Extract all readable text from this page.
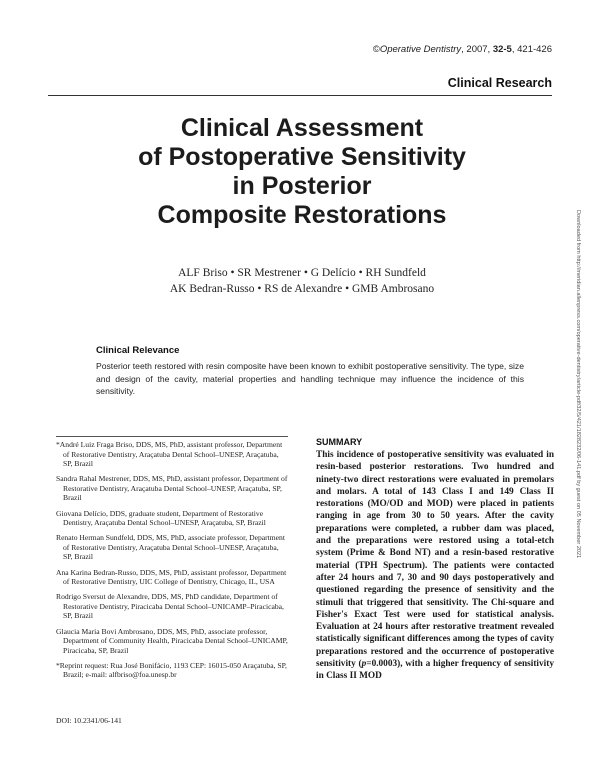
©Operative Dentistry, 2007, 32-5, 421-426
Clinical Research
Clinical Assessment
of Postoperative Sensitivity
in Posterior
Composite Restorations
ALF Briso • SR Mestrener • G Delício • RH Sundfeld
AK Bedran-Russo • RS de Alexandre • GMB Ambrosano
Clinical Relevance
Posterior teeth restored with resin composite have been known to exhibit postoperative sensitivity. The type, size and design of the cavity, material properties and handling technique may influence the incidence of this sensitivity.

*André Luiz Fraga Briso, DDS, MS, PhD, assistant professor, Department of Restorative Dentistry, Araçatuba Dental School–UNESP, Araçatuba, SP, Brazil

Sandra Rahal Mestrener, DDS, MS, PhD, assistant professor, Department of Restorative Dentistry, Araçatuba Dental School–UNESP, Araçatuba, SP, Brazil

Giovana Delício, DDS, graduate student, Department of Restorative Dentistry, Araçatuba Dental School–UNESP, Araçatuba, SP, Brazil

Renato Herman Sundfeld, DDS, MS, PhD, associate professor, Department of Restorative Dentistry, Araçatuba Dental School–UNESP, Araçatuba, SP, Brazil

Ana Karina Bedran-Russo, DDS, MS, PhD, assistant professor, Department of Restorative Dentistry, UIC College of Dentistry, Chicago, IL, USA

Rodrigo Sversut de Alexandre, DDS, MS, PhD candidate, Department of Restorative Dentistry, Piracicaba Dental School–UNICAMP–Piracicaba, SP, Brazil

Glaucia Maria Bovi Ambrosano, DDS, MS, PhD, associate professor, Department of Community Health, Piracicaba Dental School–UNICAMP, Piracicaba, SP, Brazil

*Reprint request: Rua José Bonifácio, 1193 CEP: 16015-050 Araçatuba, SP, Brazil; e-mail: alfbriso@foa.unesp.br

DOI: 10.2341/06-141
SUMMARY
This incidence of postoperative sensitivity was evaluated in resin-based posterior restorations. Two hundred and ninety-two direct restorations were evaluated in premolars and molars. A total of 143 Class I and 149 Class II restorations (MO/OD and MOD) were placed in patients ranging in age from 30 to 50 years. After the cavity preparations were completed, a rubber dam was placed, and the preparations were restored using a total-etch system (Prime & Bond NT) and a resin-based restorative material (TPH Spectrum). The patients were contacted after 24 hours and 7, 30 and 90 days postoperatively and questioned regarding the presence of sensitivity and the stimuli that triggered that sensitivity. The Chi-square and Fisher's Exact Test were used for statistical analysis. Evaluation at 24 hours after restorative treatment revealed statistically significant differences among the types of cavity preparations restored and the occurrence of postoperative sensitivity (p=0.0003), with a higher frequency of sensitivity in Class II MOD
Downloaded from http://meridian.allenpress.com/operative-dentistry/article-pdf/32/5/421/1828232/06-141.pdf by guest on 05 November 2021
